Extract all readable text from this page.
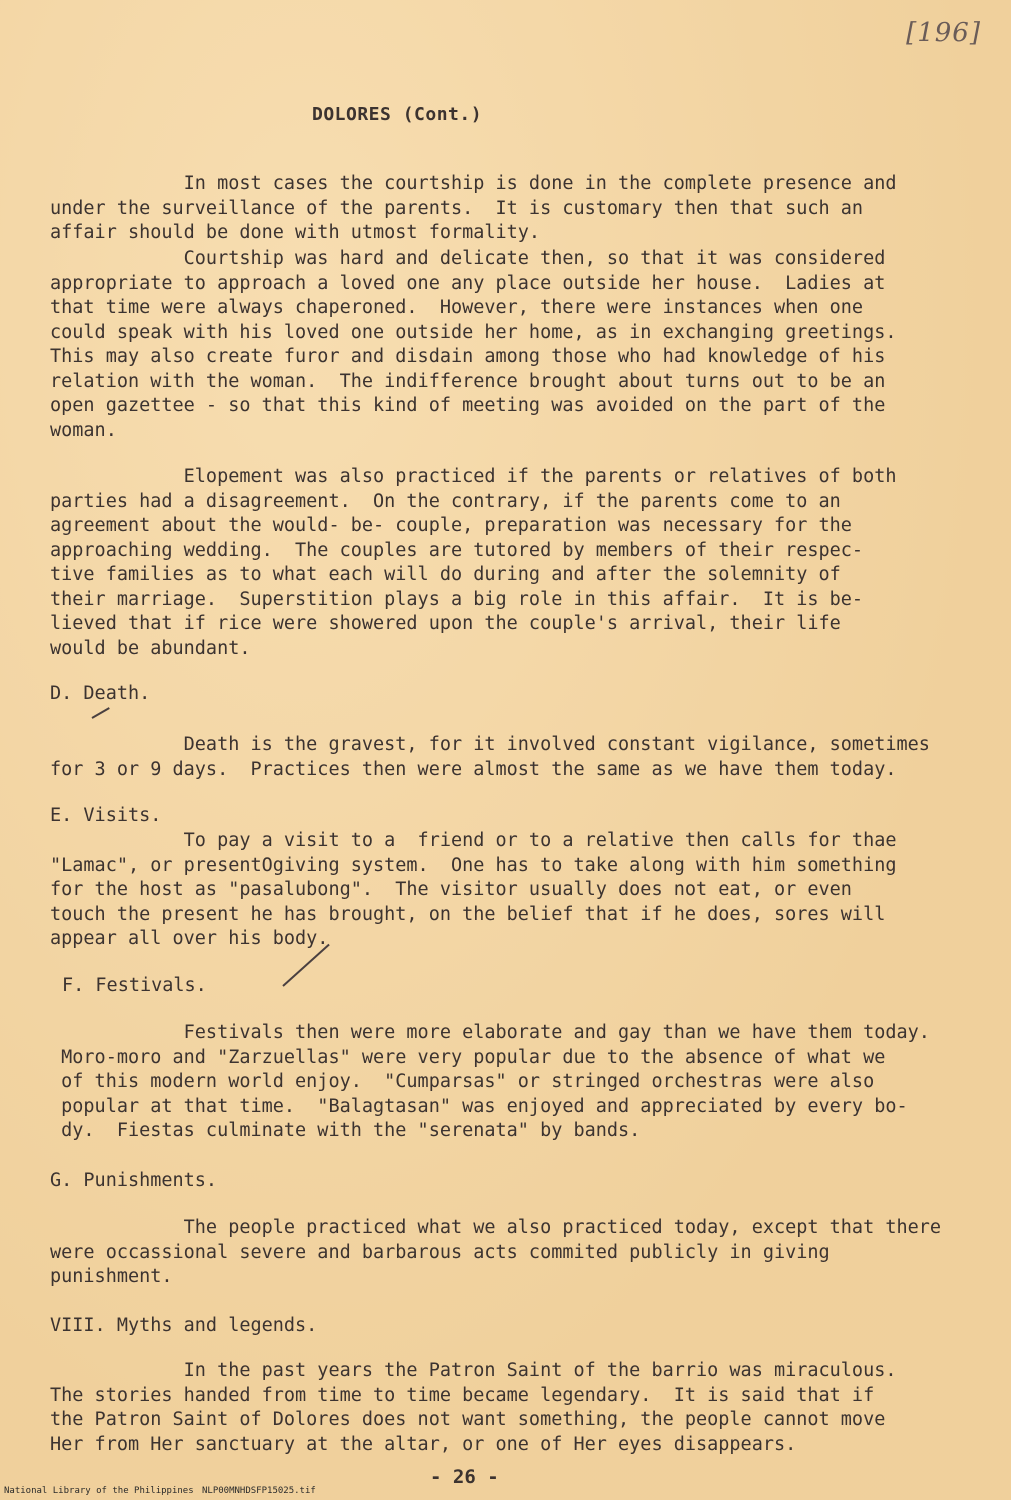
[196]
DOLORES (Cont.)
In most cases the courtship is done in the complete presence and
under the surveillance of the parents.  It is customary then that such an
affair should be done with utmost formality.
Courtship was hard and delicate then, so that it was considered
appropriate to approach a loved one any place outside her house.  Ladies at
that time were always chaperoned.  However, there were instances when one
could speak with his loved one outside her home, as in exchanging greetings.
This may also create furor and disdain among those who had knowledge of his
relation with the woman.  The indifference brought about turns out to be an
open gazettee - so that this kind of meeting was avoided on the part of the
woman.
Elopement was also practiced if the parents or relatives of both
parties had a disagreement.  On the contrary, if the parents come to an
agreement about the would- be- couple, preparation was necessary for the
approaching wedding.  The couples are tutored by members of their respec-
tive families as to what each will do during and after the solemnity of
their marriage.  Superstition plays a big role in this affair.  It is be-
lieved that if rice were showered upon the couple's arrival, their life
would be abundant.
D. Death.
Death is the gravest, for it involved constant vigilance, sometimes
for 3 or 9 days.  Practices then were almost the same as we have them today.
E. Visits.
To pay a visit to a  friend or to a relative then calls for thae
"Lamac", or presentOgiving system.  One has to take along with him something
for the host as "pasalubong".  The visitor usually does not eat, or even
touch the present he has brought, on the belief that if he does, sores will
appear all over his body.
F. Festivals.
Festivals then were more elaborate and gay than we have them today.
Moro-moro and "Zarzuellas" were very popular due to the absence of what we
of this modern world enjoy.  "Cumparsas" or stringed orchestras were also
popular at that time.  "Balagtasan" was enjoyed and appreciated by every bo-
dy.  Fiestas culminate with the "serenata" by bands.
G. Punishments.
The people practiced what we also practiced today, except that there
were occassional severe and barbarous acts commited publicly in giving
punishment.
VIII. Myths and legends.
In the past years the Patron Saint of the barrio was miraculous.
The stories handed from time to time became legendary.  It is said that if
the Patron Saint of Dolores does not want something, the people cannot move
Her from Her sanctuary at the altar, or one of Her eyes disappears.
- 26 -
National Library of the Philippines NLP00MNHDSFP15025.tif
